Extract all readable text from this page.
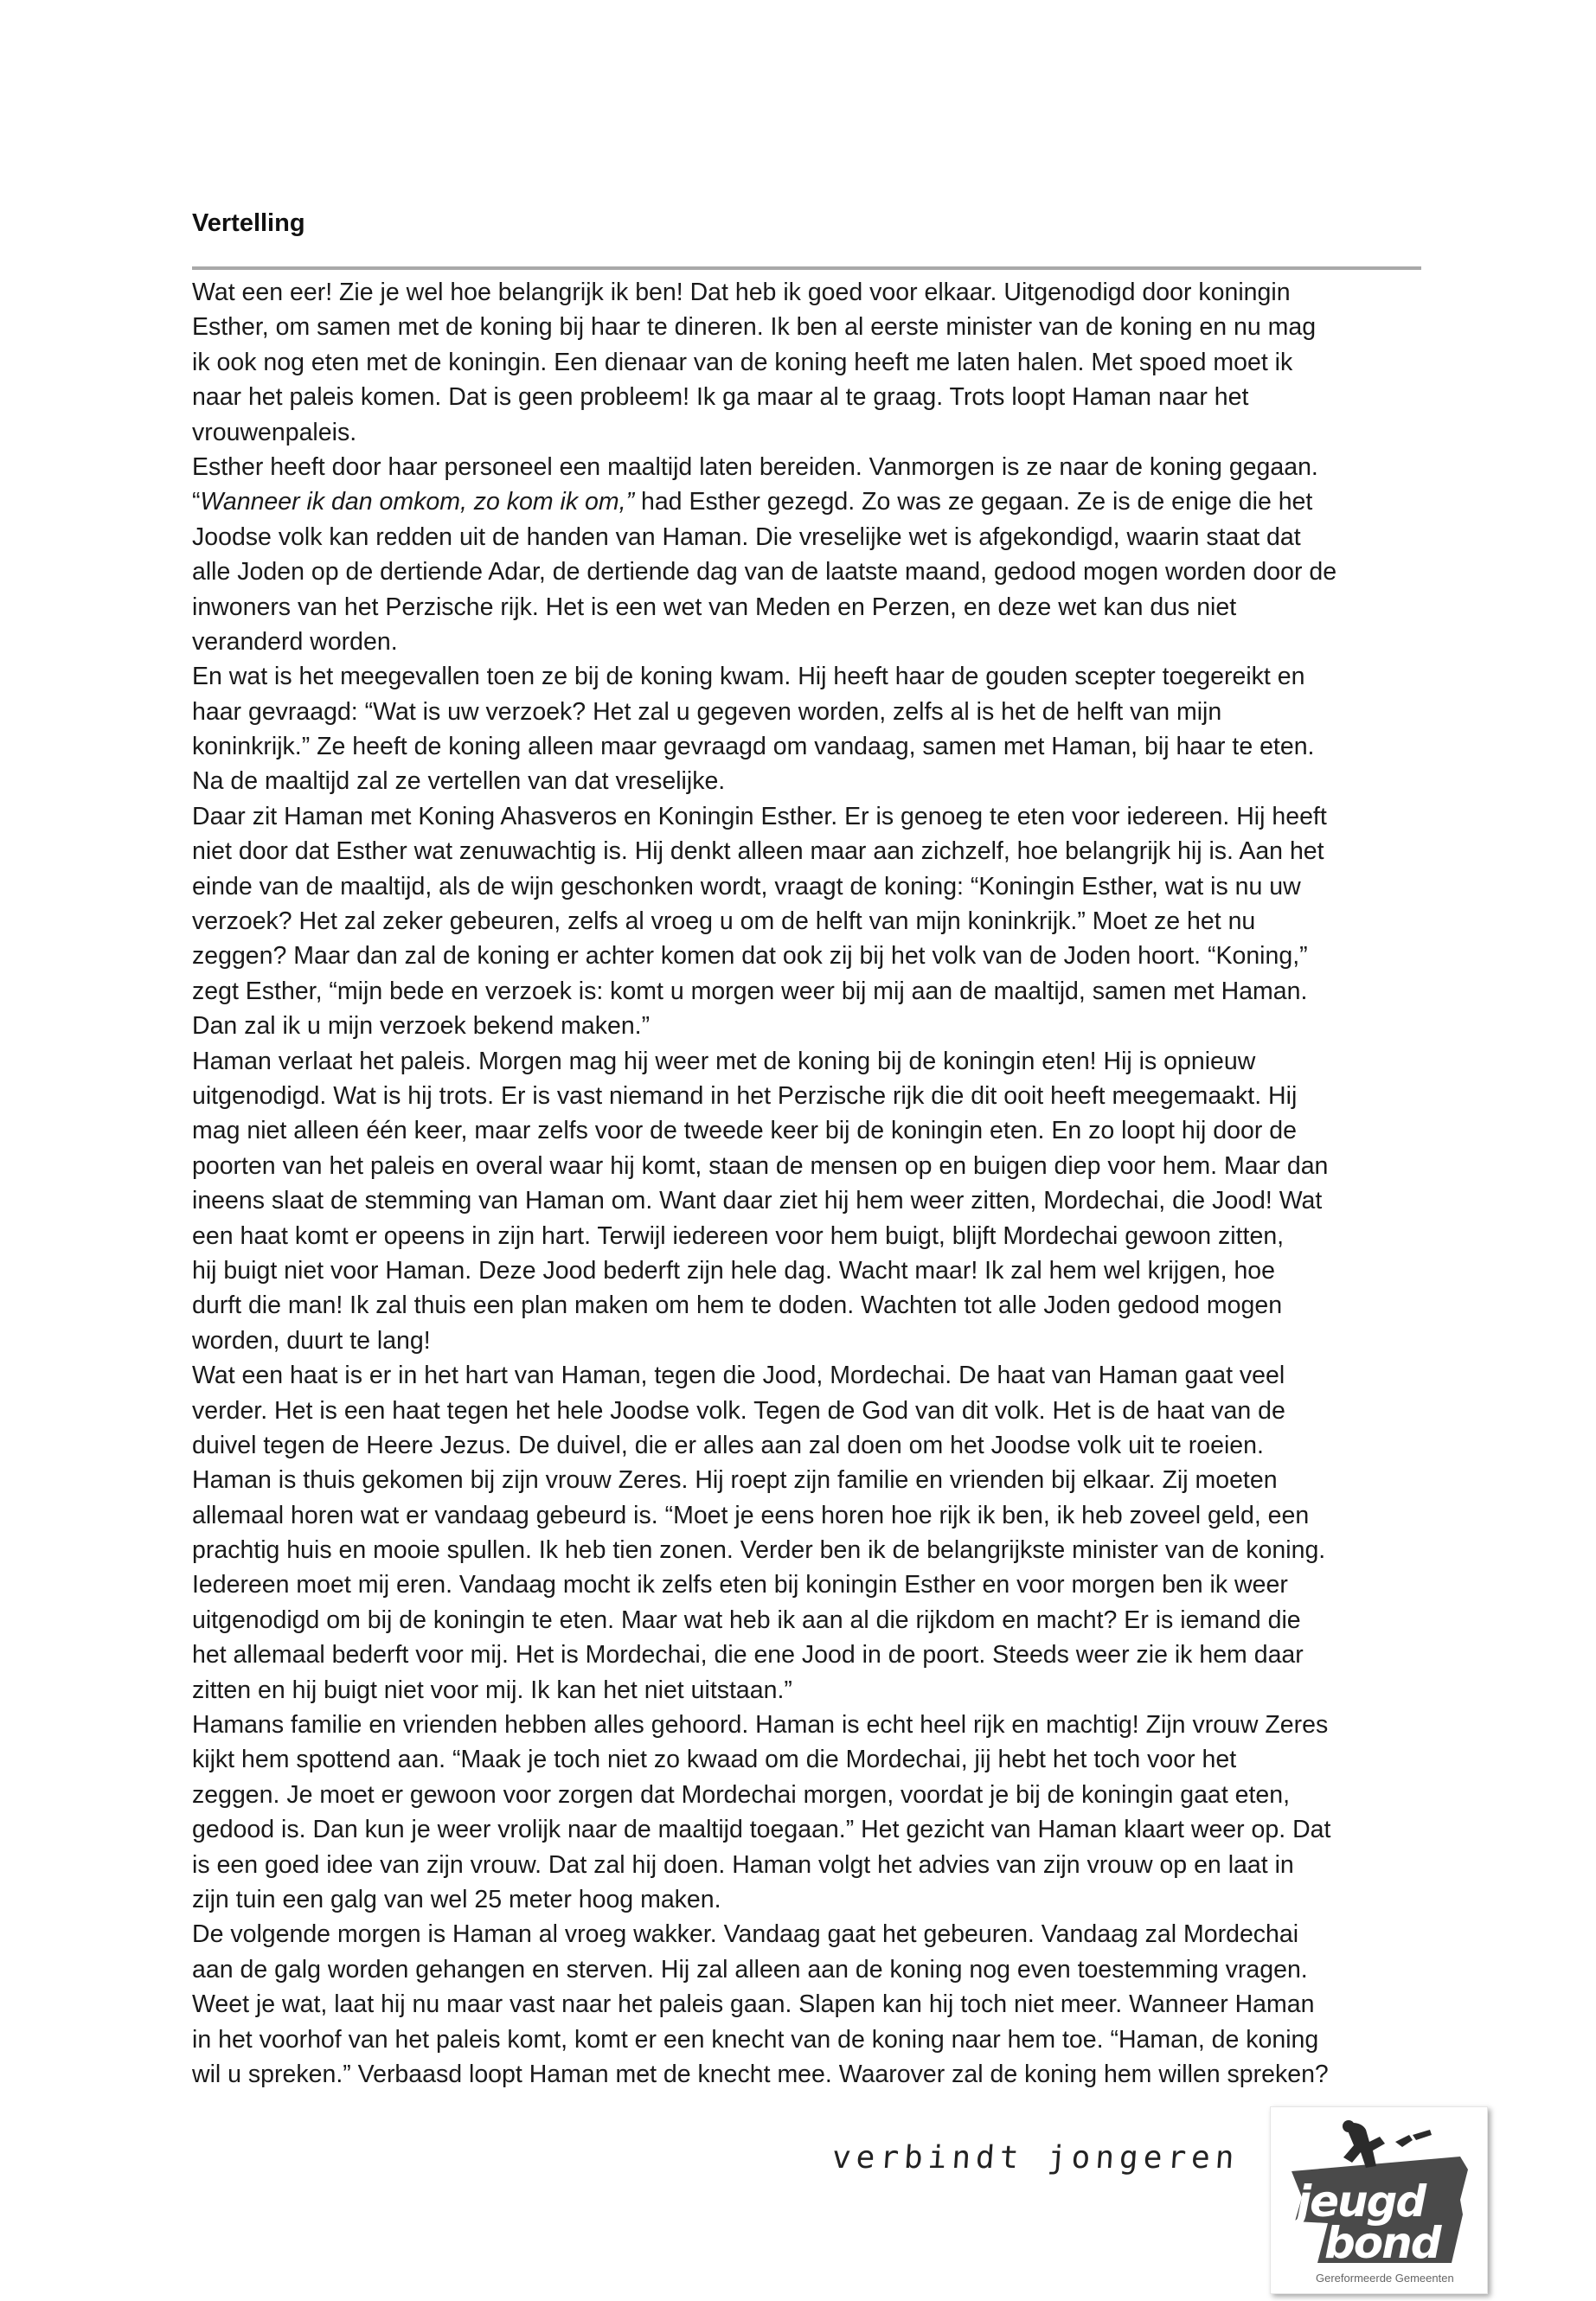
Vertelling
Wat een eer! Zie je wel hoe belangrijk ik ben! Dat heb ik goed voor elkaar. Uitgenodigd door koningin
Esther, om samen met de koning bij haar te dineren. Ik ben al eerste minister van de koning en nu mag
ik ook nog eten met de koningin. Een dienaar van de koning heeft me laten halen. Met spoed moet ik
naar het paleis komen. Dat is geen probleem! Ik ga maar al te graag. Trots loopt Haman naar het
vrouwenpaleis.
Esther heeft door haar personeel een maaltijd laten bereiden. Vanmorgen is ze naar de koning gegaan.
“Wanneer ik dan omkom, zo kom ik om,” had Esther gezegd. Zo was ze gegaan. Ze is de enige die het
Joodse volk kan redden uit de handen van Haman. Die vreselijke wet is afgekondigd, waarin staat dat
alle Joden op de dertiende Adar, de dertiende dag van de laatste maand, gedood mogen worden door de
inwoners van het Perzische rijk. Het is een wet van Meden en Perzen, en deze wet kan dus niet
veranderd worden.
En wat is het meegevallen toen ze bij de koning kwam. Hij heeft haar de gouden scepter toegereikt en
haar gevraagd: “Wat is uw verzoek? Het zal u gegeven worden, zelfs al is het de helft van mijn
koninkrijk.” Ze heeft de koning alleen maar gevraagd om vandaag, samen met Haman, bij haar te eten.
Na de maaltijd zal ze vertellen van dat vreselijke.
Daar zit Haman met Koning Ahasveros en Koningin Esther. Er is genoeg te eten voor iedereen. Hij heeft
niet door dat Esther wat zenuwachtig is. Hij denkt alleen maar aan zichzelf, hoe belangrijk hij is. Aan het
einde van de maaltijd, als de wijn geschonken wordt, vraagt de koning: “Koningin Esther, wat is nu uw
verzoek? Het zal zeker gebeuren, zelfs al vroeg u om de helft van mijn koninkrijk.” Moet ze het nu
zeggen? Maar dan zal de koning er achter komen dat ook zij bij het volk van de Joden hoort. “Koning,”
zegt Esther, “mijn bede en verzoek is: komt u morgen weer bij mij aan de maaltijd, samen met Haman.
Dan zal ik u mijn verzoek bekend maken.”
Haman verlaat het paleis. Morgen mag hij weer met de koning bij de koningin eten! Hij is opnieuw
uitgenodigd. Wat is hij trots. Er is vast niemand in het Perzische rijk die dit ooit heeft meegemaakt. Hij
mag niet alleen één keer, maar zelfs voor de tweede keer bij de koningin eten. En zo loopt hij door de
poorten van het paleis en overal waar hij komt, staan de mensen op en buigen diep voor hem. Maar dan
ineens slaat de stemming van Haman om. Want daar ziet hij hem weer zitten, Mordechai, die Jood! Wat
een haat komt er opeens in zijn hart. Terwijl iedereen voor hem buigt, blijft Mordechai gewoon zitten,
hij buigt niet voor Haman. Deze Jood bederft zijn hele dag. Wacht maar! Ik zal hem wel krijgen, hoe
durft die man! Ik zal thuis een plan maken om hem te doden. Wachten tot alle Joden gedood mogen
worden, duurt te lang!
Wat een haat is er in het hart van Haman, tegen die Jood, Mordechai. De haat van Haman gaat veel
verder. Het is een haat tegen het hele Joodse volk. Tegen de God van dit volk. Het is de haat van de
duivel tegen de Heere Jezus. De duivel, die er alles aan zal doen om het Joodse volk uit te roeien.
Haman is thuis gekomen bij zijn vrouw Zeres. Hij roept zijn familie en vrienden bij elkaar. Zij moeten
allemaal horen wat er vandaag gebeurd is. “Moet je eens horen hoe rijk ik ben, ik heb zoveel geld, een
prachtig huis en mooie spullen. Ik heb tien zonen. Verder ben ik de belangrijkste minister van de koning.
Iedereen moet mij eren. Vandaag mocht ik zelfs eten bij koningin Esther en voor morgen ben ik weer
uitgenodigd om bij de koningin te eten. Maar wat heb ik aan al die rijkdom en macht? Er is iemand die
het allemaal bederft voor mij. Het is Mordechai, die ene Jood in de poort. Steeds weer zie ik hem daar
zitten en hij buigt niet voor mij. Ik kan het niet uitstaan.”
Hamans familie en vrienden hebben alles gehoord. Haman is echt heel rijk en machtig! Zijn vrouw Zeres
kijkt hem spottend aan. “Maak je toch niet zo kwaad om die Mordechai, jij hebt het toch voor het
zeggen. Je moet er gewoon voor zorgen dat Mordechai morgen, voordat je bij de koningin gaat eten,
gedood is. Dan kun je weer vrolijk naar de maaltijd toegaan.” Het gezicht van Haman klaart weer op. Dat
is een goed idee van zijn vrouw. Dat zal hij doen. Haman volgt het advies van zijn vrouw op en laat in
zijn tuin een galg van wel 25 meter hoog maken.
De volgende morgen is Haman al vroeg wakker. Vandaag gaat het gebeuren. Vandaag zal Mordechai
aan de galg worden gehangen en sterven. Hij zal alleen aan de koning nog even toestemming vragen.
Weet je wat, laat hij nu maar vast naar het paleis gaan. Slapen kan hij toch niet meer. Wanneer Haman
in het voorhof van het paleis komt, komt er een knecht van de koning naar hem toe. “Haman, de koning
wil u spreken.” Verbaasd loopt Haman met de knecht mee. Waarover zal de koning hem willen spreken?
verbindt jongeren
jeugd
bond
Gereformeerde Gemeenten
